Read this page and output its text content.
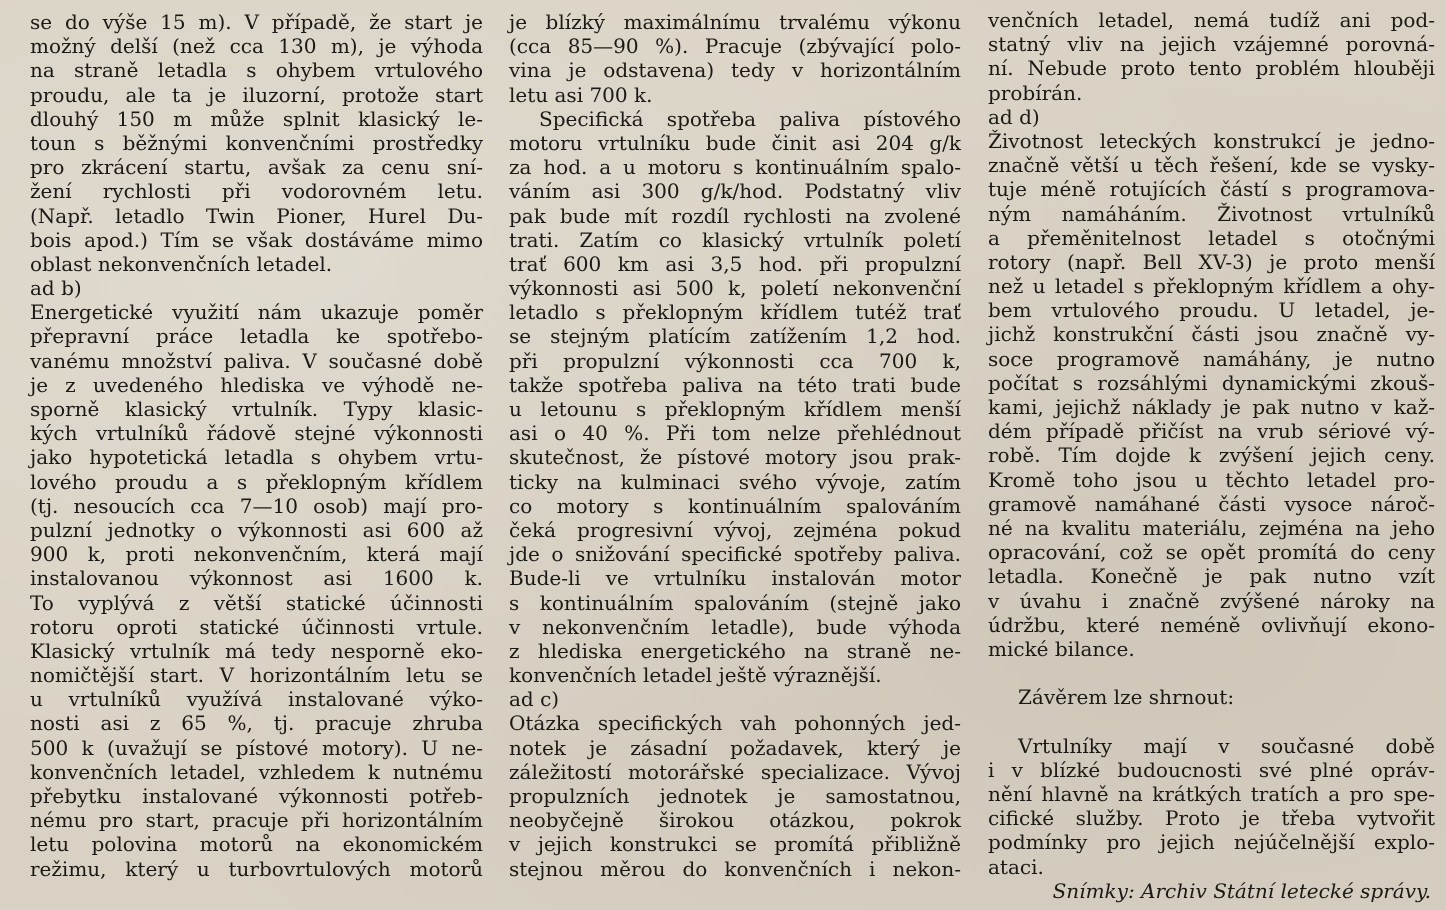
se do výše 15 m). V případě, že start je
možný delší (než cca 130 m), je výhoda
na straně letadla s ohybem vrtulového
proudu, ale ta je iluzorní, protože start
dlouhý 150 m může splnit klasický le-
toun s běžnými konvenčními prostředky
pro zkrácení startu, avšak za cenu sní-
žení rychlosti při vodorovném letu.
(Např. letadlo Twin Pioner, Hurel Du-
bois apod.) Tím se však dostáváme mimo
oblast nekonvenčních letadel.
ad b)
Energetické využití nám ukazuje poměr
přepravní práce letadla ke spotřebo-
vanému množství paliva. V současné době
je z uvedeného hlediska ve výhodě ne-
sporně klasický vrtulník. Typy klasic-
kých vrtulníků řádově stejné výkonnosti
jako hypotetická letadla s ohybem vrtu-
lového proudu a s překlopným křídlem
(tj. nesoucích cca 7—10 osob) mají pro-
pulzní jednotky o výkonnosti asi 600 až
900 k, proti nekonvenčním, která mají
instalovanou výkonnost asi 1600 k.
To vyplývá z větší statické účinnosti
rotoru oproti statické účinnosti vrtule.
Klasický vrtulník má tedy nesporně eko-
nomičtější start. V horizontálním letu se
u vrtulníků využívá instalované výko-
nosti asi z 65 %, tj. pracuje zhruba
500 k (uvažují se pístové motory). U ne-
konvenčních letadel, vzhledem k nutnému
přebytku instalované výkonnosti potřeb-
nému pro start, pracuje při horizontálním
letu polovina motorů na ekonomickém
režimu, který u turbovrtulových motorů
je blízký maximálnímu trvalému výkonu
(cca 85—90 %). Pracuje (zbývající polo-
vina je odstavena) tedy v horizontálním
letu asi 700 k.
Specifická spotřeba paliva pístového
motoru vrtulníku bude činit asi 204 g/k
za hod. a u motoru s kontinuálním spalo-
váním asi 300 g/k/hod. Podstatný vliv
pak bude mít rozdíl rychlosti na zvolené
trati. Zatím co klasický vrtulník poletí
trať 600 km asi 3,5 hod. při propulzní
výkonnosti asi 500 k, poletí nekonvenční
letadlo s překlopným křídlem tutéž trať
se stejným platícím zatížením 1,2 hod.
při propulzní výkonnosti cca 700 k,
takže spotřeba paliva na této trati bude
u letounu s překlopným křídlem menší
asi o 40 %. Při tom nelze přehlédnout
skutečnost, že pístové motory jsou prak-
ticky na kulminaci svého vývoje, zatím
co motory s kontinuálním spalováním
čeká progresivní vývoj, zejména pokud
jde o snižování specifické spotřeby paliva.
Bude-li ve vrtulníku instalován motor
s kontinuálním spalováním (stejně jako
v nekonvenčním letadle), bude výhoda
z hlediska energetického na straně ne-
konvenčních letadel ještě výraznější.
ad c)
Otázka specifických vah pohonných jed-
notek je zásadní požadavek, který je
záležitostí motorářské specializace. Vývoj
propulzních jednotek je samostatnou,
neobyčejně širokou otázkou, pokrok
v jejich konstrukci se promítá přibližně
stejnou měrou do konvenčních i nekon-
venčních letadel, nemá tudíž ani pod-
statný vliv na jejich vzájemné porovná-
ní. Nebude proto tento problém hlouběji
probírán.
ad d)
Životnost leteckých konstrukcí je jedno-
značně větší u těch řešení, kde se vysky-
tuje méně rotujících částí s programova-
ným namáháním. Životnost vrtulníků
a přeměnitelnost letadel s otočnými
rotory (např. Bell XV-3) je proto menší
než u letadel s překlopným křídlem a ohy-
bem vrtulového proudu. U letadel, je-
jichž konstrukční části jsou značně vy-
soce programově namáhány, je nutno
počítat s rozsáhlými dynamickými zkouš-
kami, jejichž náklady je pak nutno v kaž-
dém případě přičíst na vrub sériové vý-
robě. Tím dojde k zvýšení jejich ceny.
Kromě toho jsou u těchto letadel pro-
gramově namáhané části vysoce nároč-
né na kvalitu materiálu, zejména na jeho
opracování, což se opět promítá do ceny
letadla. Konečně je pak nutno vzít
v úvahu i značně zvýšené nároky na
údržbu, které neméně ovlivňují ekono-
mické bilance.
Závěrem lze shrnout:
Vrtulníky mají v současné době
i v blízké budoucnosti své plné opráv-
nění hlavně na krátkých tratích a pro spe-
cifické služby. Proto je třeba vytvořit
podmínky pro jejich nejúčelnější explo-
ataci.
Snímky: Archiv Státní letecké správy.
